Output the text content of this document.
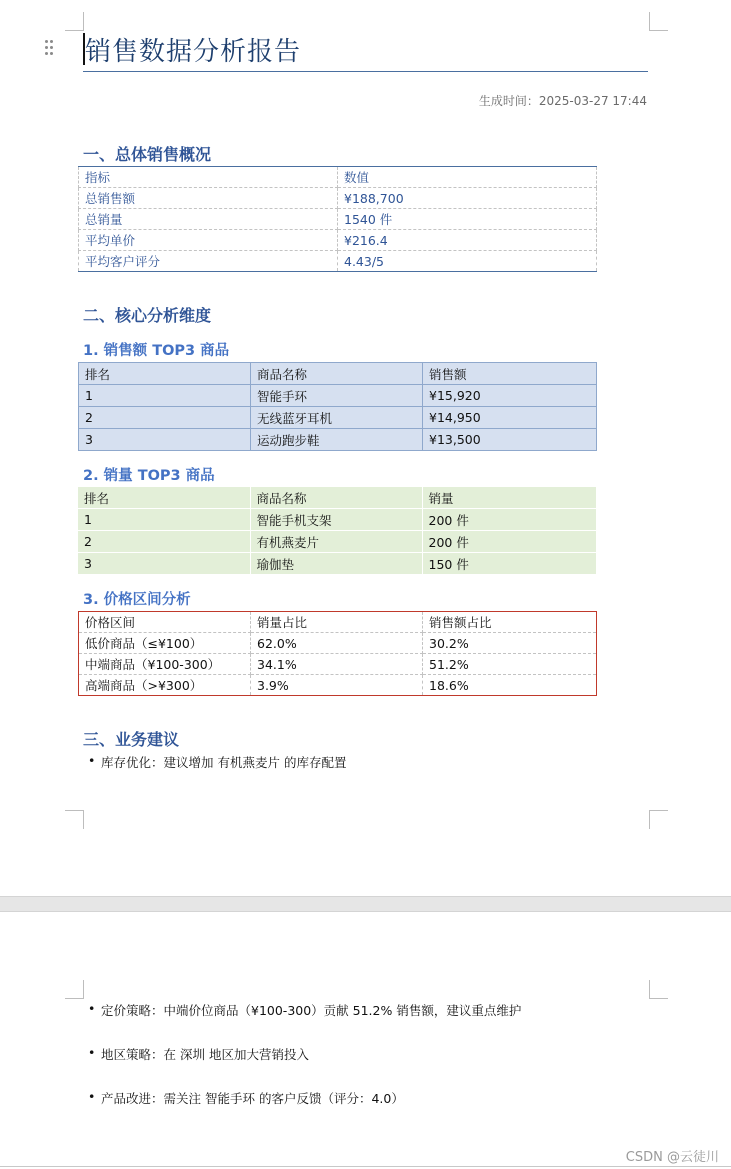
销售数据分析报告
生成时间：2025-03-27 17:44
一、总体销售概况
指标	数值
总销售额	¥188,700
总销量	1540 件
平均单价	¥216.4
平均客户评分	4.43/5
二、核心分析维度
1. 销售额 TOP3 商品
排名	商品名称	销售额
1	智能手环	¥15,920
2	无线蓝牙耳机	¥14,950
3	运动跑步鞋	¥13,500
2. 销量 TOP3 商品
排名	商品名称	销量
1	智能手机支架	200 件
2	有机燕麦片	200 件
3	瑜伽垫	150 件
3. 价格区间分析
价格区间	销量占比	销售额占比
低价商品（≤¥100）	62.0%	30.2%
中端商品（¥100-300）	34.1%	51.2%
高端商品（>¥300）	3.9%	18.6%
三、业务建议
• 库存优化：建议增加 有机燕麦片 的库存配置
• 定价策略：中端价位商品（¥100-300）贡献 51.2% 销售额，建议重点维护
• 地区策略：在 深圳 地区加大营销投入
• 产品改进：需关注 智能手环 的客户反馈（评分：4.0）
CSDN @云徒川
